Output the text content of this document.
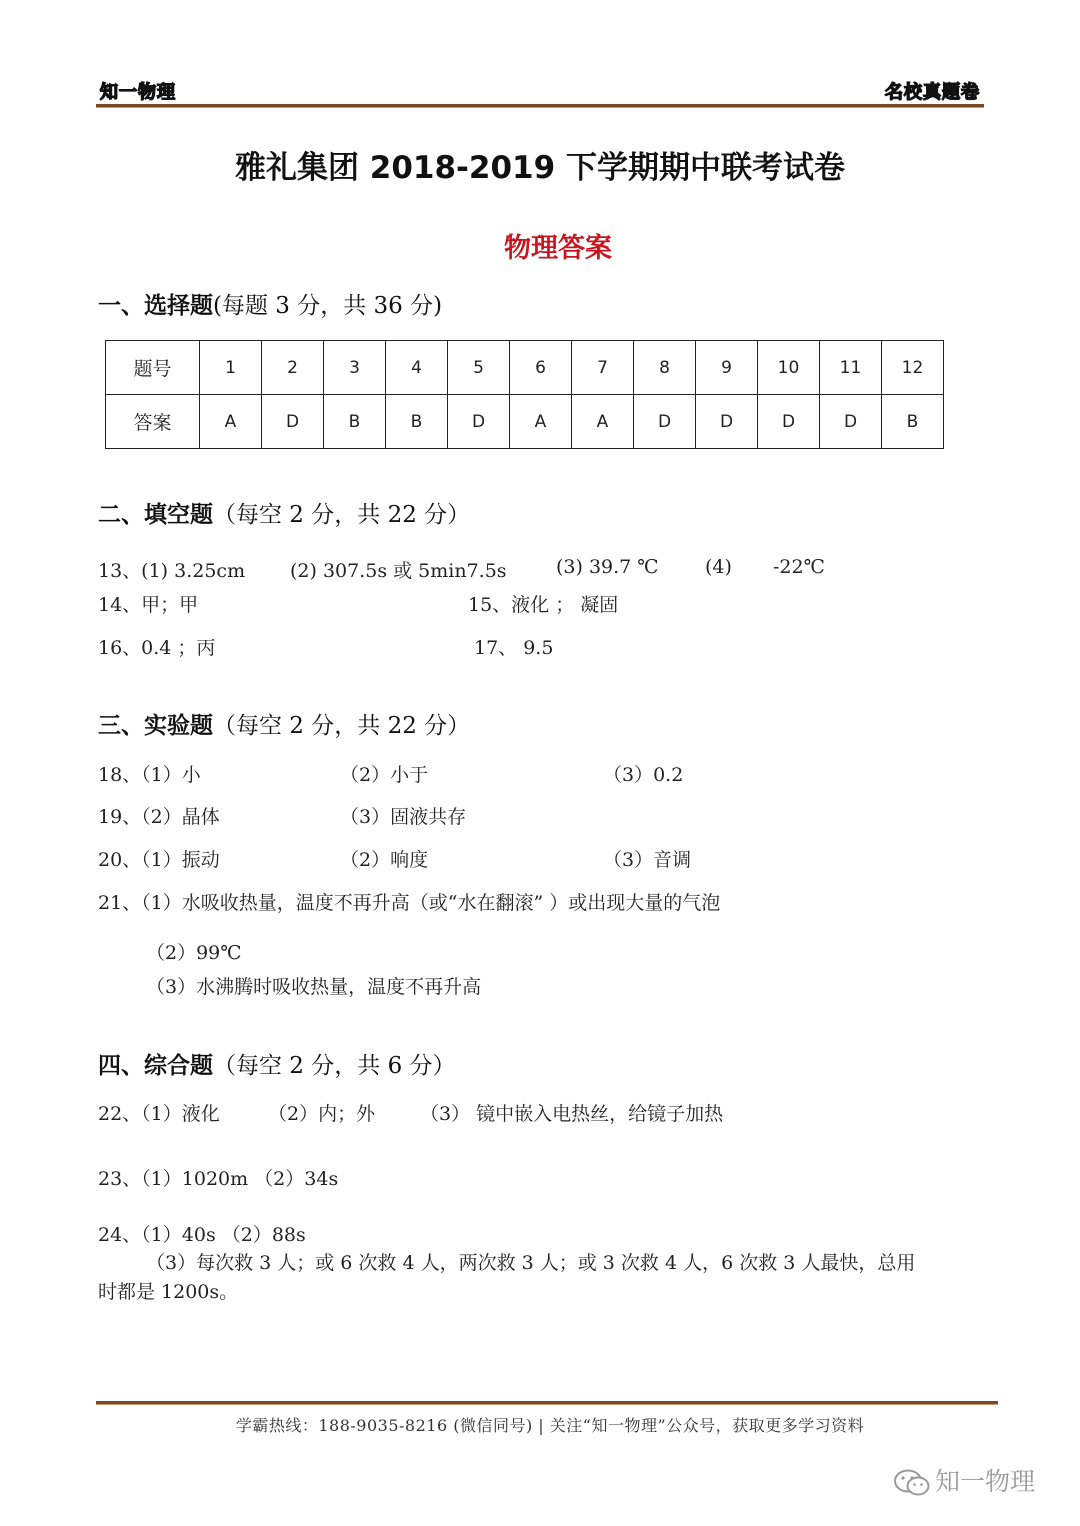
知一物理	名校真题卷
雅礼集团 2018-2019 下学期期中联考试卷
物理答案
一、选择题(每题 3 分，共 36 分)
题号	1	2	3	4	5	6	7	8	9	10	11	12
答案	A	D	B	B	D	A	A	D	D	D	D	B
二、填空题（每空 2 分，共 22 分）
13、(1) 3.25cm (2) 307.5s 或 5min7.5s	(3) 39.7 ℃ (4) -22℃
14、甲；甲	15、液化 ； 凝固
16、0.4 ；丙	17、 9.5
三、实验题（每空 2 分，共 22 分）
18、（1）小	（2）小于	（3）0.2
19、（2）晶体	（3）固液共存
20、（1）振动	（2）响度	（3）音调
21、（1）水吸收热量，温度不再升高（或“水在翻滚” ）或出现大量的气泡
（2）99℃
（3）水沸腾时吸收热量，温度不再升高
四、综合题（每空 2 分，共 6 分）
22、（1）液化	（2）内；外 （3） 镜中嵌入电热丝，给镜子加热
23、（1）1020m （2）34s
24、（1）40s （2）88s
（3）每次救 3 人；或 6 次救 4 人，两次救 3 人；或 3 次救 4 人，6 次救 3 人最快，总用
时都是 1200s。
学霸热线：188-9035-8216 (微信同号) | 关注“知一物理”公众号，获取更多学习资料
知一物理
